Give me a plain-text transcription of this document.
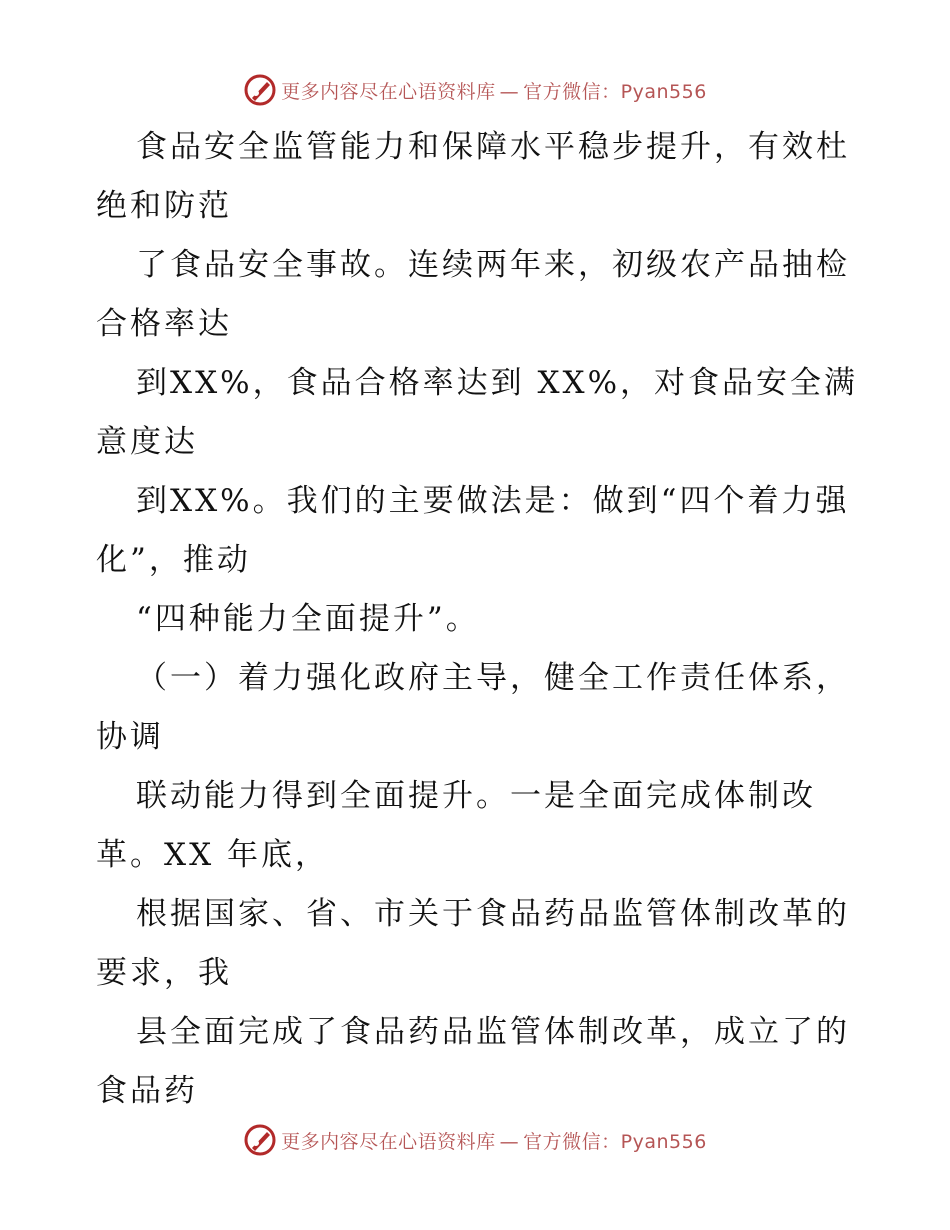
更多内容尽在心语资料库 — 官方微信：Pyan556

食品安全监管能力和保障水平稳步提升，有效杜绝和防范

了食品安全事故。连续两年来，初级农产品抽检合格率达

到XX%，食品合格率达到 XX%，对食品安全满意度达

到XX%。我们的主要做法是：做到“四个着力强化”，推动

“四种能力全面提升”。

（一）着力强化政府主导，健全工作责任体系，协调

联动能力得到全面提升。一是全面完成体制改革。XX 年底，

根据国家、省、市关于食品药品监管体制改革的要求，我

县全面完成了食品药品监管体制改革，成立了的食品药

更多内容尽在心语资料库 — 官方微信：Pyan556
